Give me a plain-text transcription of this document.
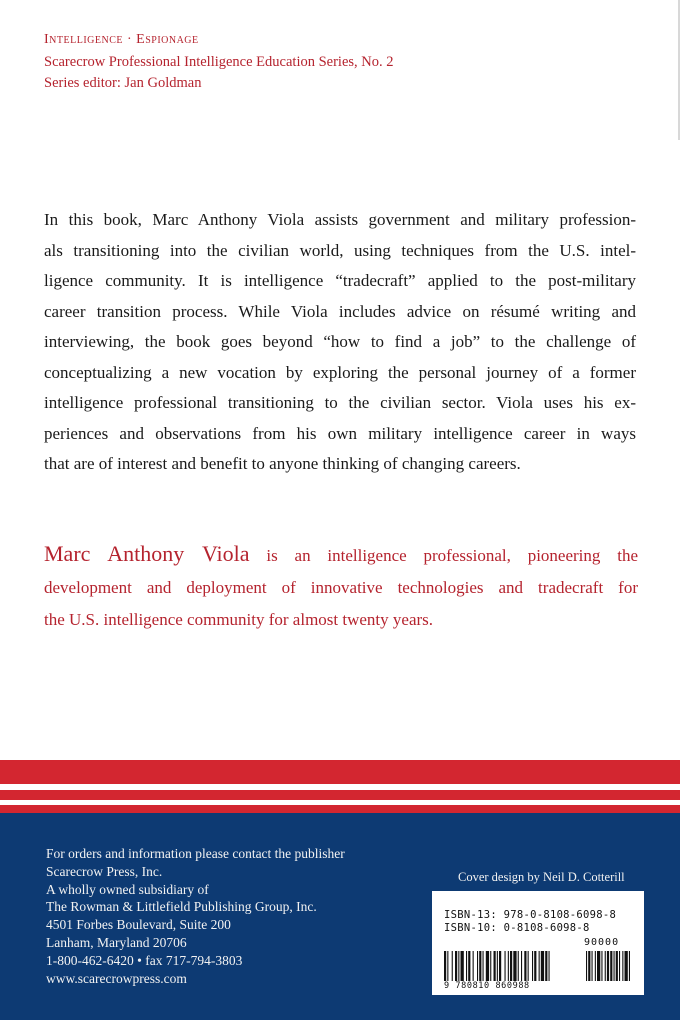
Intelligence · Espionage
Scarecrow Professional Intelligence Education Series, No. 2
Series editor: Jan Goldman
In this book, Marc Anthony Viola assists government and military profession-
als transitioning into the civilian world, using techniques from the U.S. intel-
ligence community. It is intelligence “tradecraft” applied to the post-military
career transition process. While Viola includes advice on résumé writing and
interviewing, the book goes beyond “how to find a job” to the challenge of
conceptualizing a new vocation by exploring the personal journey of a former
intelligence professional transitioning to the civilian sector. Viola uses his ex-
periences and observations from his own military intelligence career in ways
that are of interest and benefit to anyone thinking of changing careers.
Marc Anthony Viola is an intelligence professional, pioneering the
development and deployment of innovative technologies and tradecraft for
the U.S. intelligence community for almost twenty years.
For orders and information please contact the publisher
Scarecrow Press, Inc.
A wholly owned subsidiary of
The Rowman & Littlefield Publishing Group, Inc.
4501 Forbes Boulevard, Suite 200
Lanham, Maryland 20706
1-800-462-6420 • fax 717-794-3803
www.scarecrowpress.com
Cover design by Neil D. Cotterill
ISBN-13: 978-0-8108-6098-8
ISBN-10: 0-8108-6098-8
90000
9 780810 860988
